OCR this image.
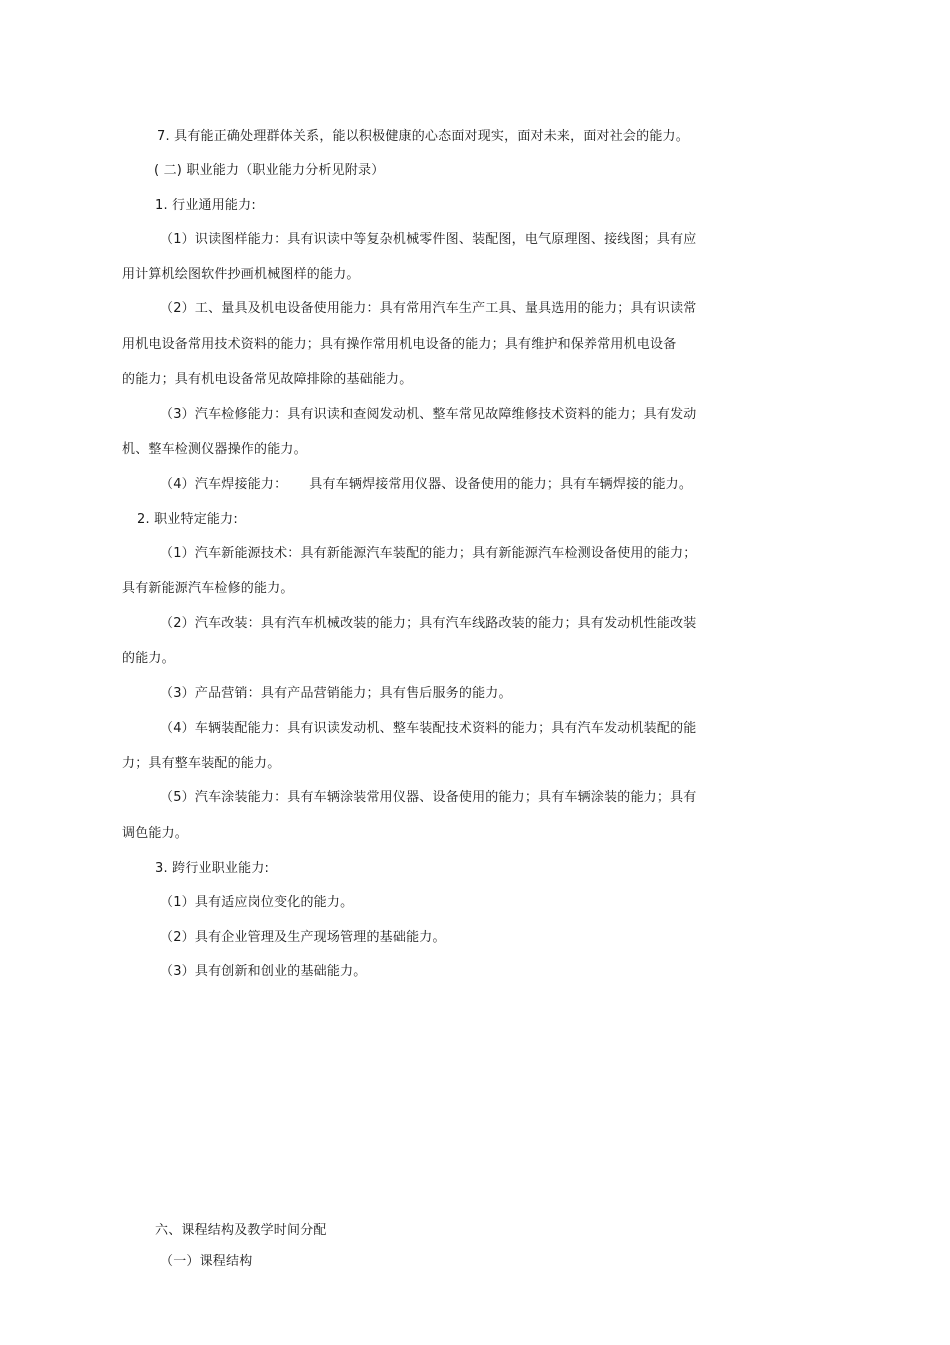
7. 具有能正确处理群体关系，能以积极健康的心态面对现实，面对未来，面对社会的能力。
( 二) 职业能力（职业能力分析见附录）
1. 行业通用能力:
（1）识读图样能力：具有识读中等复杂机械零件图、装配图，电气原理图、接线图；具有应
用计算机绘图软件抄画机械图样的能力。
（2）工、量具及机电设备使用能力：具有常用汽车生产工具、量具选用的能力；具有识读常
用机电设备常用技术资料的能力；具有操作常用机电设备的能力；具有维护和保养常用机电设备
的能力；具有机电设备常见故障排除的基础能力。
（3）汽车检修能力：具有识读和查阅发动机、整车常见故障维修技术资料的能力；具有发动
机、整车检测仪器操作的能力。
（4）汽车焊接能力： 具有车辆焊接常用仪器、设备使用的能力；具有车辆焊接的能力。
2. 职业特定能力:
（1）汽车新能源技术：具有新能源汽车装配的能力；具有新能源汽车检测设备使用的能力；
具有新能源汽车检修的能力。
（2）汽车改装：具有汽车机械改装的能力；具有汽车线路改装的能力；具有发动机性能改装
的能力。
（3）产品营销：具有产品营销能力；具有售后服务的能力。
（4）车辆装配能力：具有识读发动机、整车装配技术资料的能力；具有汽车发动机装配的能
力；具有整车装配的能力。
（5）汽车涂装能力：具有车辆涂装常用仪器、设备使用的能力；具有车辆涂装的能力；具有
调色能力。
3. 跨行业职业能力:
（1）具有适应岗位变化的能力。
（2）具有企业管理及生产现场管理的基础能力。
（3）具有创新和创业的基础能力。
六、课程结构及教学时间分配
（一）课程结构
